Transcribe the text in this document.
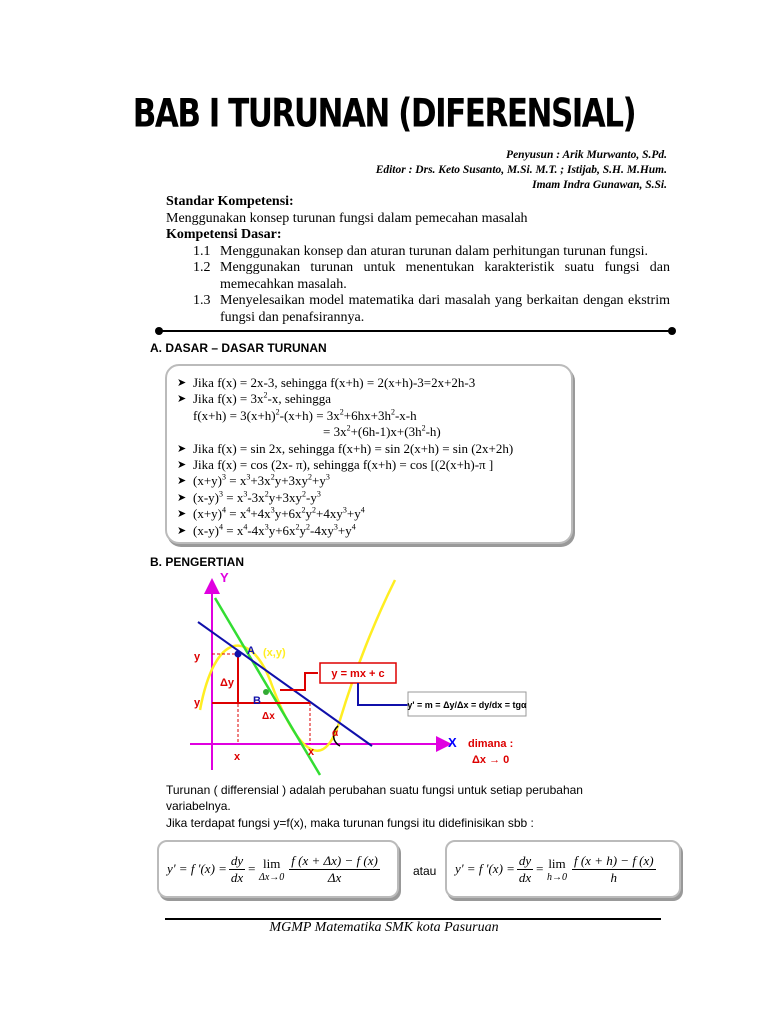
BAB I TURUNAN (DIFERENSIAL)
Penyusun : Arik Murwanto, S.Pd.
Editor : Drs. Keto Susanto, M.Si. M.T. ; Istijab, S.H. M.Hum.
Imam Indra Gunawan, S.Si.
Standar Kompetensi:
Menggunakan konsep turunan fungsi dalam pemecahan masalah
Kompetensi Dasar:
1.1 Menggunakan konsep dan aturan turunan dalam perhitungan turunan fungsi.
1.2 Menggunakan turunan untuk menentukan karakteristik suatu fungsi dan memecahkan masalah.
1.3 Menyelesaikan model matematika dari masalah yang berkaitan dengan ekstrim fungsi dan penafsirannya.
A. DASAR – DASAR TURUNAN
➤ Jika f(x) = 2x-3, sehingga f(x+h) = 2(x+h)-3=2x+2h-3
➤ Jika $f(x) = 3x^2-x$, sehingga
$f(x+h) = 3(x+h)^2-(x+h) = 3x^2+6hx+3h^2-x-h$
= $3x^2+(6h-1)x+(3h^2-h)$
➤ Jika f(x) = sin 2x, sehingga f(x+h) = sin 2(x+h) = sin (2x+2h)
➤ Jika f(x) = cos (2x- π), sehingga f(x+h) = cos [(2(x+h)-π ]
➤ $(x+y)^3 = x^3+3x^2y+3xy^2+y^3$
➤ $(x-y)^3 = x^3-3x^2y+3xy^2-y^3$
➤ $(x+y)^4 = x^4+4x^3y+6x^2y^2+4xy^3+y^4$
➤ $(x-y)^4 = x^4-4x^3y+6x^2y^2-4xy^3+y^4$
B. PENGERTIAN
Y
X
A (x,y)
B
y
y
x	x
Δy
Δx
α
y = mx + c
y' = m = Δy/Δx = dy/dx = tgα
dimana :
Δx → 0
Turunan ( differensial ) adalah perubahan suatu fungsi untuk setiap perubahan variabelnya.
Jika terdapat fungsi y=f(x), maka turunan fungsi itu didefinisikan sbb :
y' = f '$(x) = \frac{dy}{dx} = \lim$
$\Delta x\to 0 \frac{f (x + \Delta x) - f (x)}{\Delta x}$	atau y' = f '$(x) = \frac{dy}{dx} = \lim$
$h\to 0 \frac{f (x + h) - f (x)}{h}$
MGMP Matematika SMK kota Pasuruan
